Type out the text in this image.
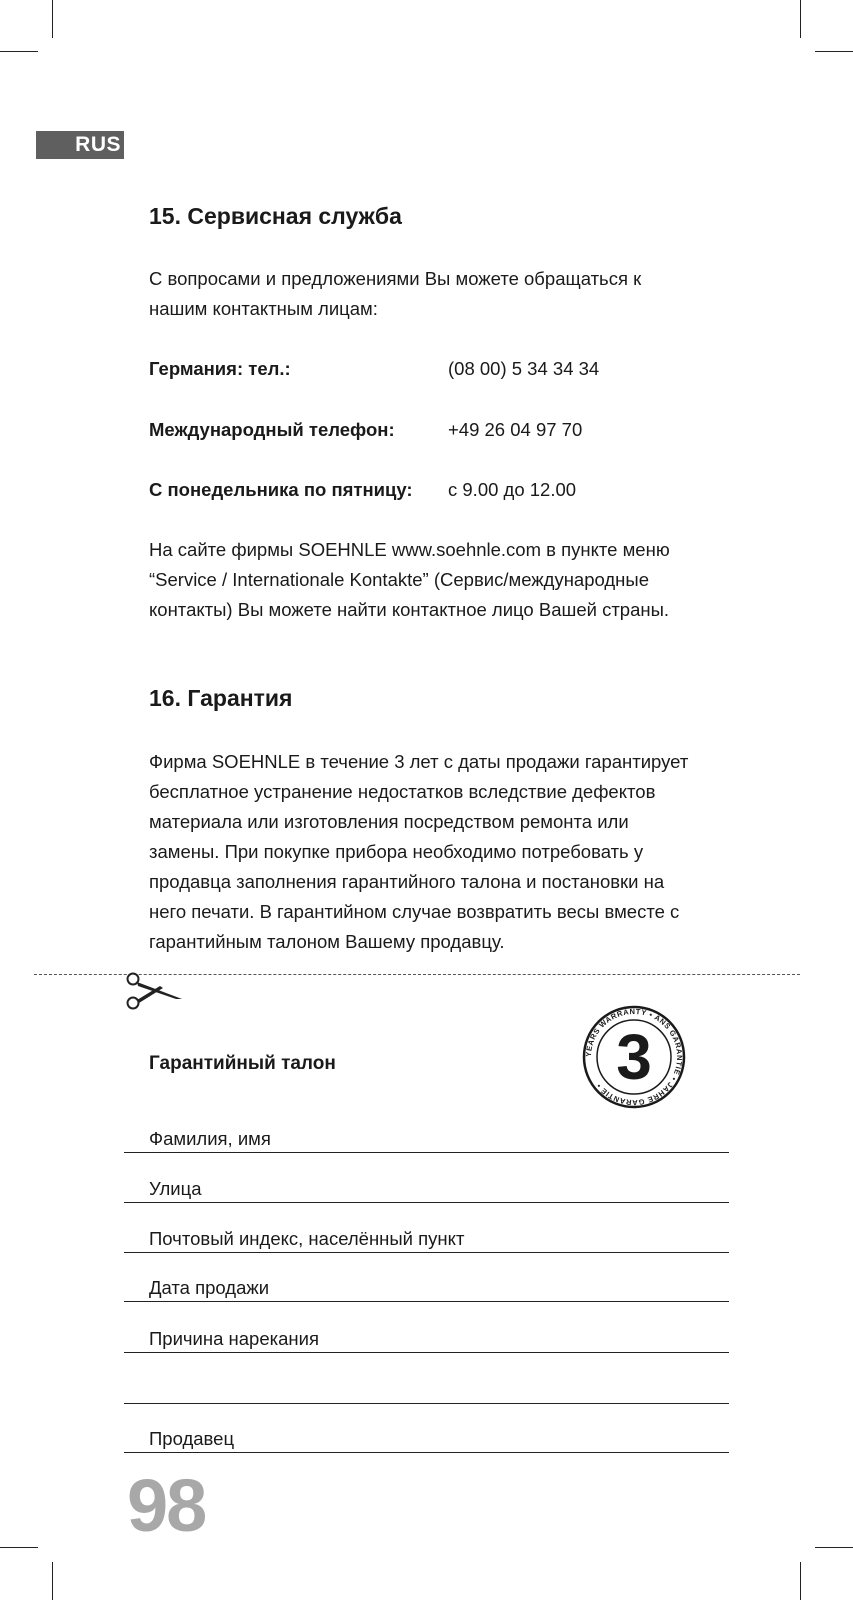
RUS
15. Сервисная служба

С вопросами и предложениями Вы можете обращаться к

нашим контактным лицам:

Германия: тел.:	(08 00) 5 34 34 34
Международный телефон:	+49 26 04 97 70
С понедельника по пятницу: с 9.00 до 12.00

На сайте фирмы SOEHNLE www.soehnle.com в пункте меню

“Service / Internationale Kontakte” (Сервис/международные

контакты) Вы можете найти контактное лицо Вашей страны.

16. Гарантия

Фирма SOEHNLE в течение 3 лет с даты продажи гарантирует

бесплатное устранение недостатков вследствие дефектов

материала или изготовления посредством ремонта или

замены. При покупке прибора необходимо потребовать у

продавца заполнения гарантийного талона и постановки на

него печати. В гарантийном случае возвратить весы вместе с

гарантийным талоном Вашему продавцу.

Гарантийный талон	YEARS WARRANTY • ANS GARANTIE • JAHRE GARANTIE • 3
Фамилия, имя
Улица
Почтовый индекс, населённый пункт
Дата продажи
Причина нарекания
Продавец
98
